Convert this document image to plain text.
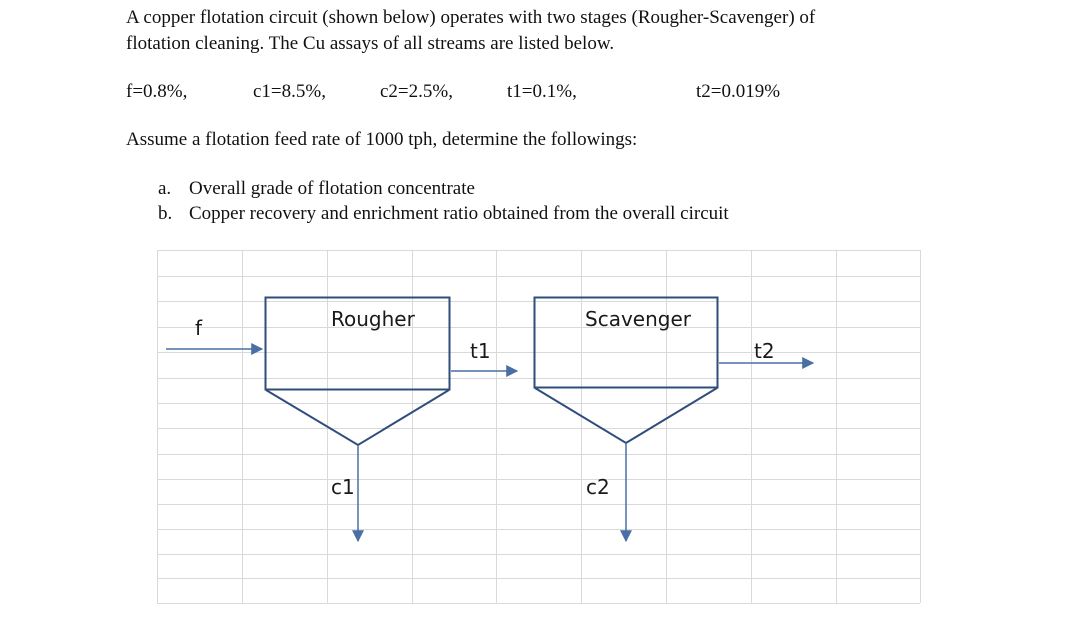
A copper flotation circuit (shown below) operates with two stages (Rougher-Scavenger) of

flotation cleaning. The Cu assays of all streams are listed below.

f=0.8%,	c1=8.5%,	c2=2.5%,	t1=0.1%,	t2=0.019%

Assume a flotation feed rate of 1000 tph, determine the followings:

a. Overall grade of flotation concentrate
b. Copper recovery and enrichment ratio obtained from the overall circuit
f	Rougher	Scavenger
t1	t2
c1	c2
